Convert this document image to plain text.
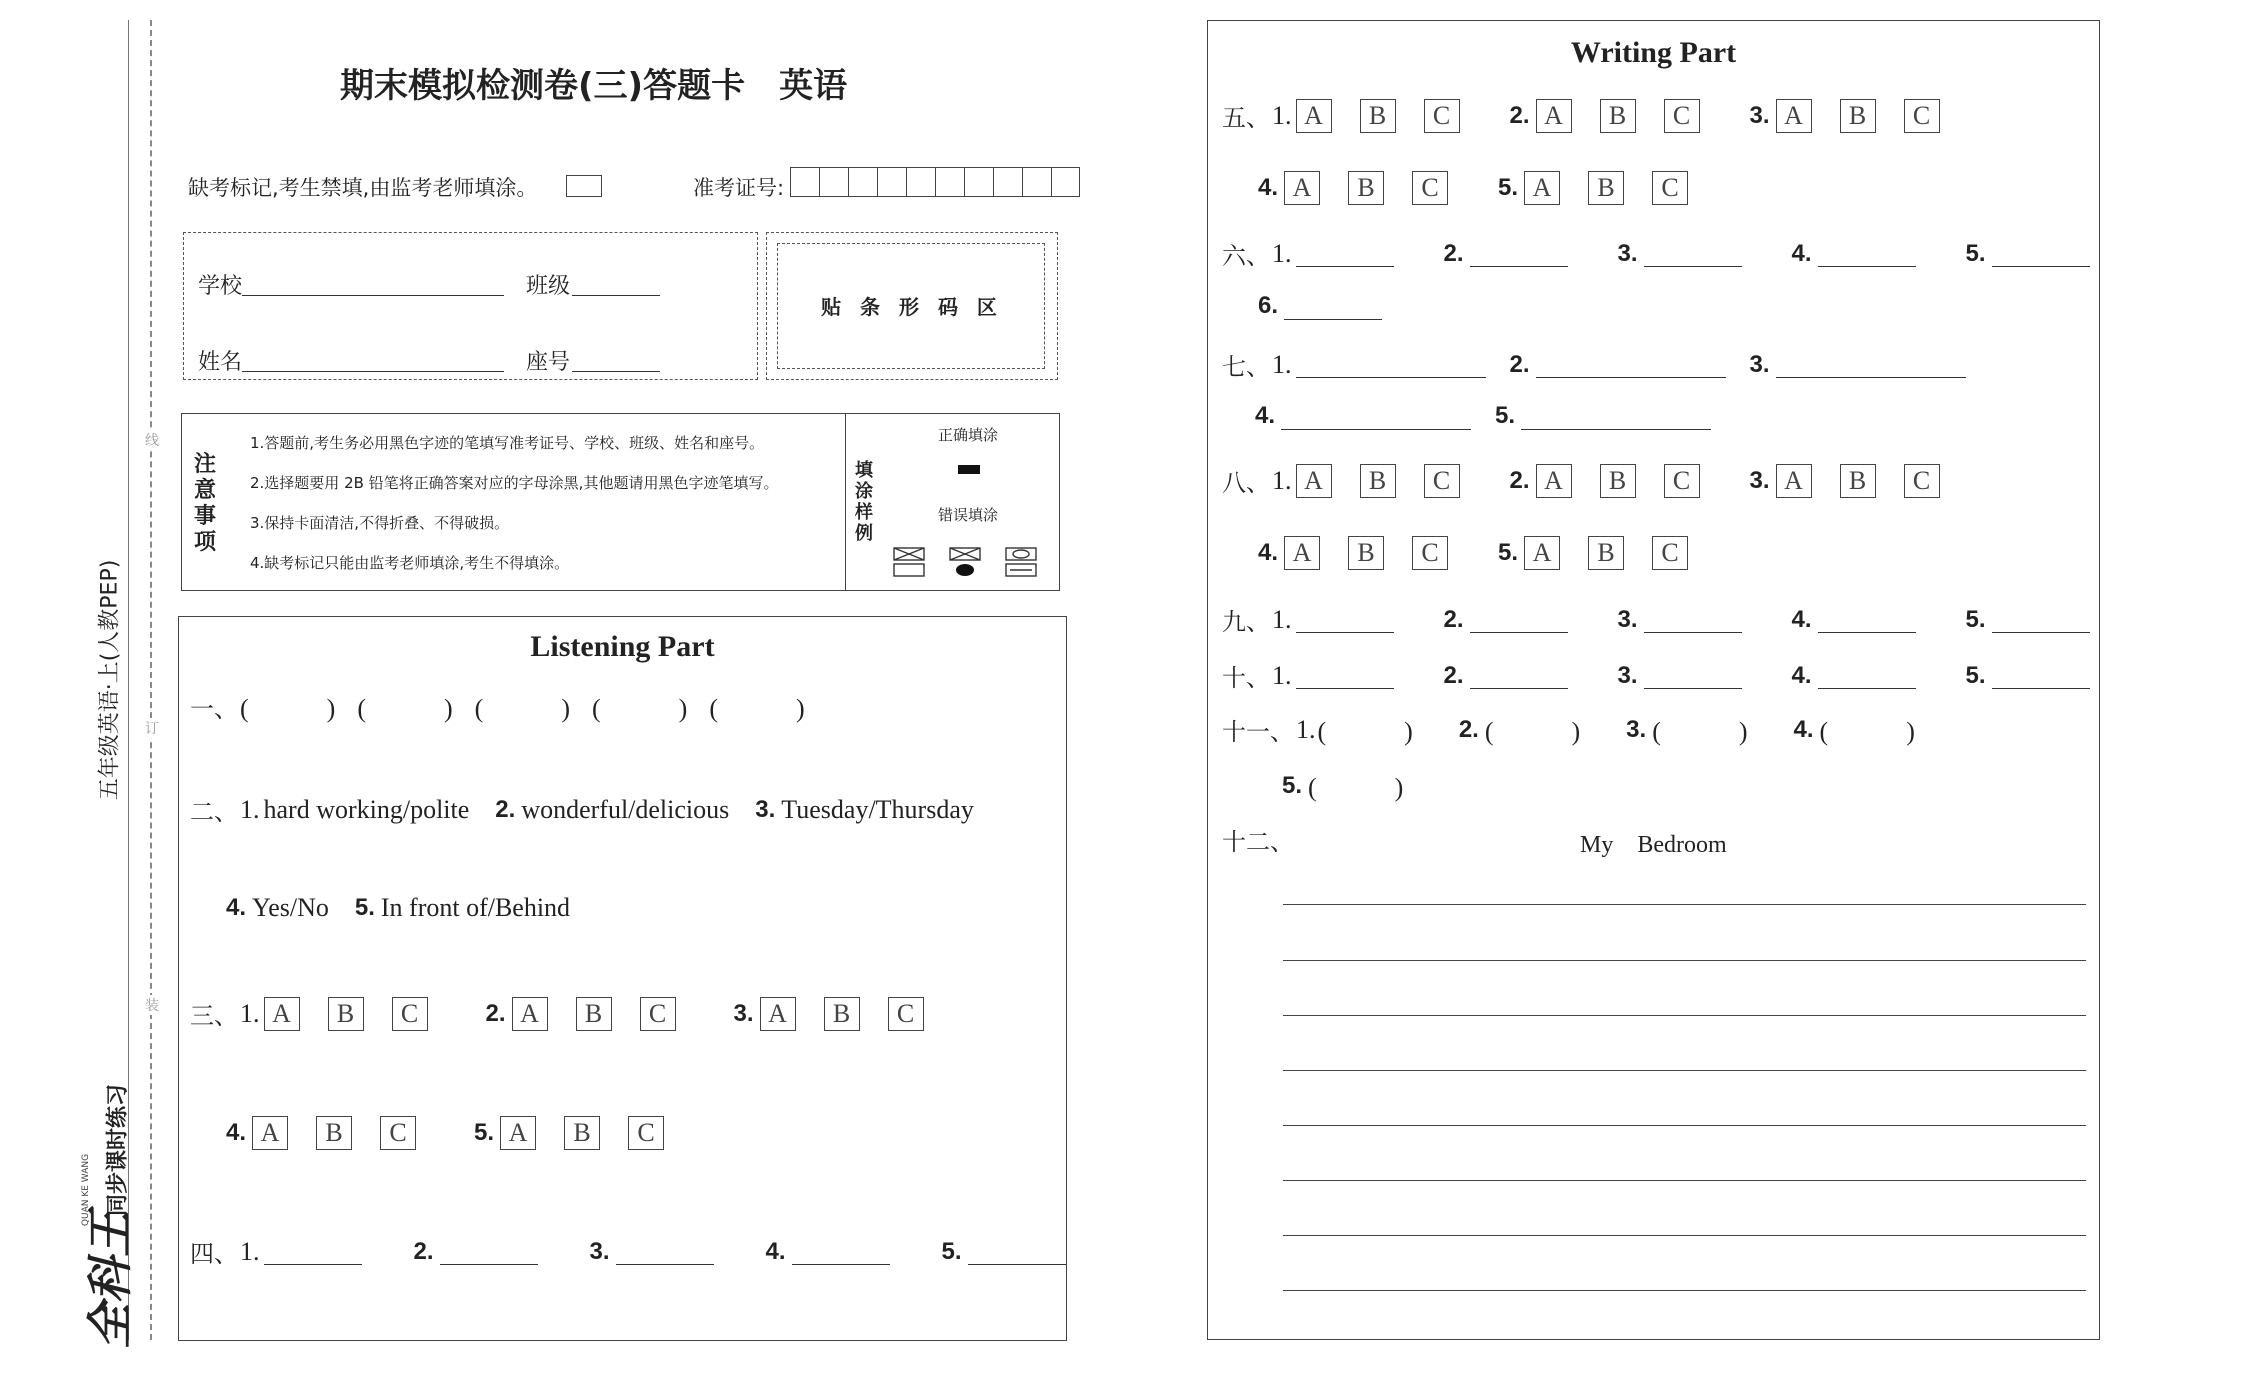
线
订
装
五年级英语·上(人教PEP)
全科王
同步课时练习
QUAN KE WANG
期末模拟检测卷(三)答题卡　英语
缺考标记,考生禁填,由监考老师填涂。	准考证号:
学校	班级
姓名	座号
贴 条 形 码 区
注意事项
1.答题前,考生务必用黑色字迹的笔填写准考证号、学校、班级、姓名和座号。
2.选择题要用 2B 铅笔将正确答案对应的字母涂黑,其他题请用黑色字迹笔填写。
3.保持卡面清洁,不得折叠、不得破损。
4.缺考标记只能由监考老师填涂,考生不得填涂。
填涂样例
正确填涂
错误填涂
Listening Part
一、 (　　　) (　　　) (　　　) (　　　) (　　　)
二、 1. hard working/polite 2. wonderful/delicious 3. Tuesday/Thursday
4. Yes/No 5. In front of/Behind
三、 1. A	B	C	2. A	B	C	3. A	B	C
4. A	B	C	5. A	B	C
四、 1.	2.	3.	4.	5.
Writing Part
五、 1. A	B	C	2. A	B	C	3. A	B	C
4. A	B	C	5. A	B	C
六、 1.	2.	3.	4.	5.
6.
七、 1.	2.	3.
4.	5.
八、 1. A	B	C	2. A	B	C	3. A	B	C
4. A	B	C	5. A	B	C
九、 1.	2.	3.	4.	5.
十、 1.	2.	3.	4.	5.
十一、 1. (　　　) 2. (　　　) 3. (　　　) 4. (　　　)
5. (　　　)
十二、	My　Bedroom
